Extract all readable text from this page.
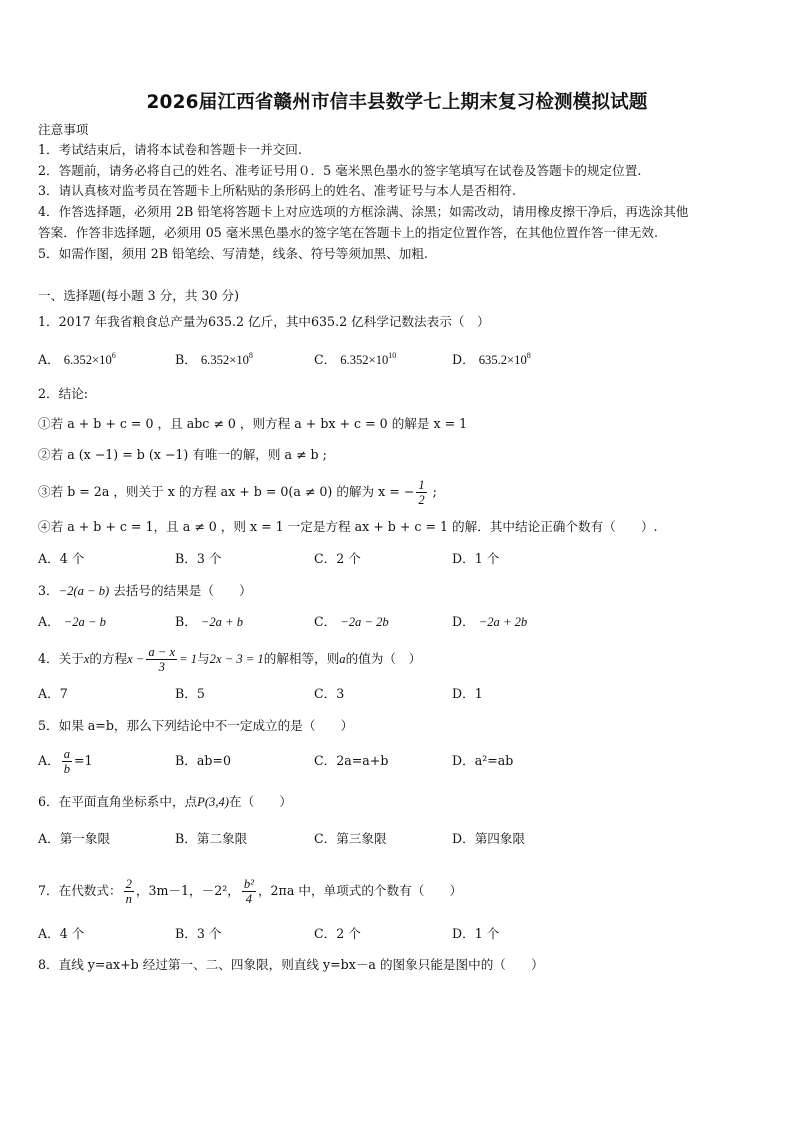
2026届江西省赣州市信丰县数学七上期末复习检测模拟试题
注意事项
1．考试结束后，请将本试卷和答题卡一并交回.
2．答题前，请务必将自己的姓名、准考证号用０．5 毫米黑色墨水的签字笔填写在试卷及答题卡的规定位置.
3．请认真核对监考员在答题卡上所粘贴的条形码上的姓名、准考证号与本人是否相符.
4．作答选择题，必须用 2B 铅笔将答题卡上对应选项的方框涂满、涂黑；如需改动，请用橡皮擦干净后，再选涂其他
答案．作答非选择题，必须用 05 毫米黑色墨水的签字笔在答题卡上的指定位置作答，在其他位置作答一律无效.
5．如需作图，须用 2B 铅笔绘、写清楚，线条、符号等须加黑、加粗.
一、选择题(每小题 3 分，共 30 分)
1．2017 年我省粮食总产量为635.2 亿斤，其中635.2 亿科学记数法表示（　）
A． $6.352\times 10^6$	B． $6.352\times 10^8$	C． $6.352\times 10^{10}$	D． $635.2\times 10^8$
2．结论:
①若 a + b + c = 0 ，且 abc ≠ 0 ，则方程 a + bx + c = 0 的解是 x = 1
②若 a (x −1) = b (x −1) 有唯一的解，则 a ≠ b ;
③若 b = 2a ，则关于 x 的方程 ax + b = 0(a ≠ 0) 的解为 x = − $\frac{1}{2}$ ;
④若 a + b + c = 1，且 a ≠ 0 ，则 x = 1 一定是方程 ax + b + c = 1 的解．其中结论正确个数有（　　）.
A．4 个	B．3 个	C．2 个	D．1 个
3．−2(a − b) 去括号的结果是（　　）
A． −2a − b	B． −2a + b	C． −2a − 2b	D． −2a + 2b
4．关于x的方程$x - \frac{a - x}{3} = 1$与2x − 3 = 1的解相等，则a的值为（　）
A．7	B．5	C．3	D．1
5．如果 a=b，那么下列结论中不一定成立的是（　　）
A． $\frac{a}{b} =1$	B．ab=0	C．2a=a+b	D．a²=ab
6．在平面直角坐标系中，点P(3,4)在（　　）
A．第一象限	B．第二象限	C．第三象限	D．第四象限
7．在代数式： $\frac{2}{n}$ ，3m－1，－2²， $\frac{\text{b²}}{4}$ ，2πa 中，单项式的个数有（　　）
A．4 个	B．3 个	C．2 个	D．1 个
8．直线 y=ax+b 经过第一、二、四象限，则直线 y=bx－a 的图象只能是图中的（　　）
